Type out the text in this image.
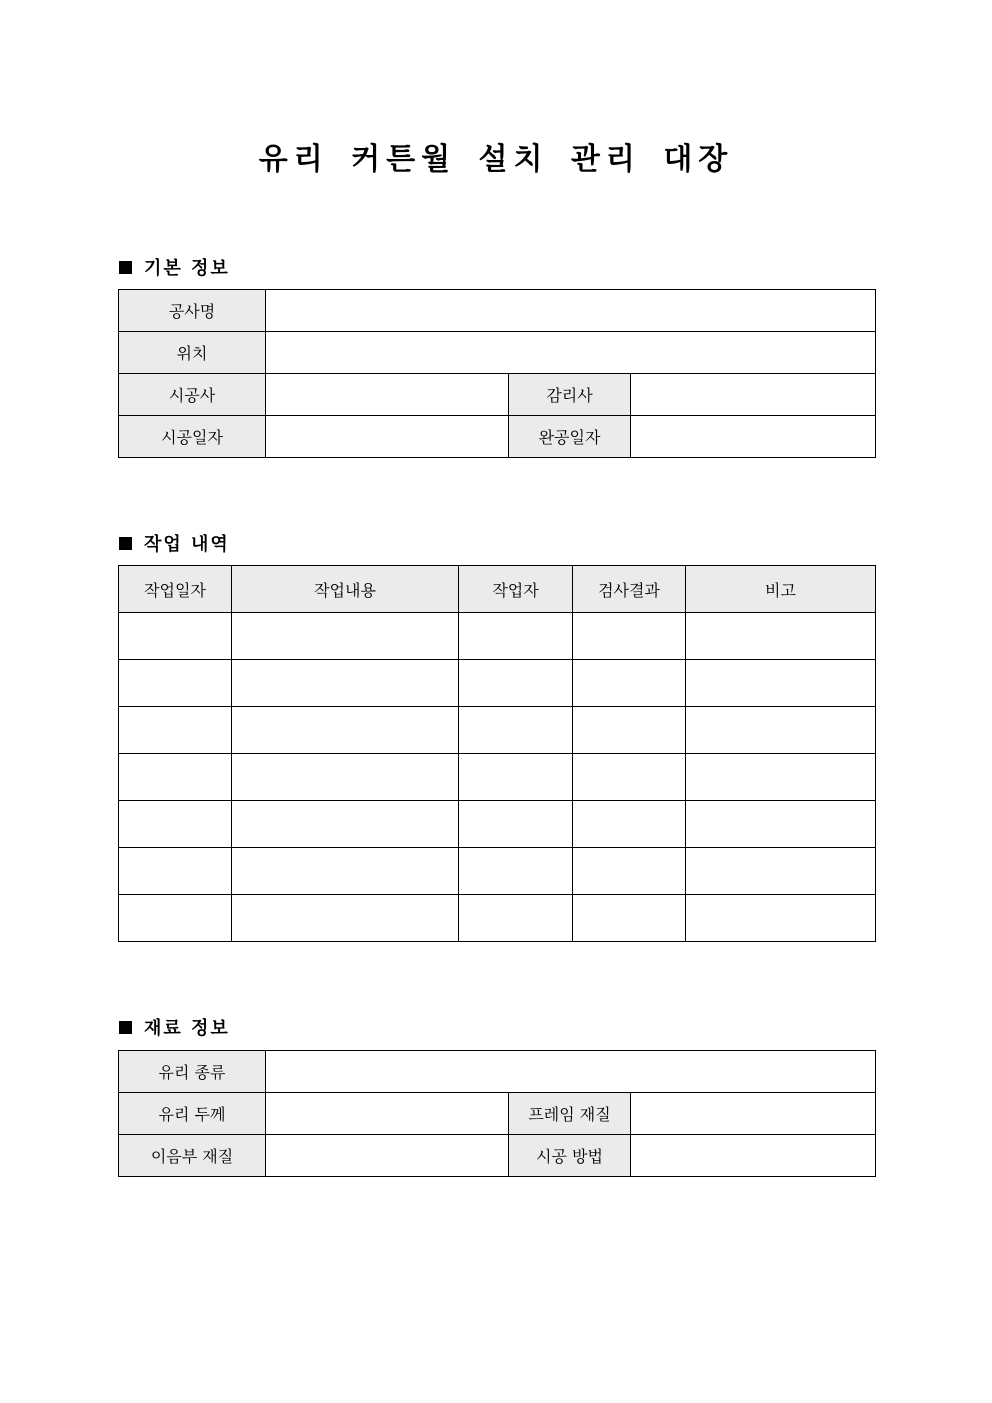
유리 커튼월 설치 관리 대장
기본 정보
공사명			
위치			
시공사		감리사	
시공일자		완공일자	
작업 내역
작업일자	작업내용	작업자	검사결과	비고

재료 정보
유리 종류			
유리 두께		프레임 재질	
이음부 재질		시공 방법	
